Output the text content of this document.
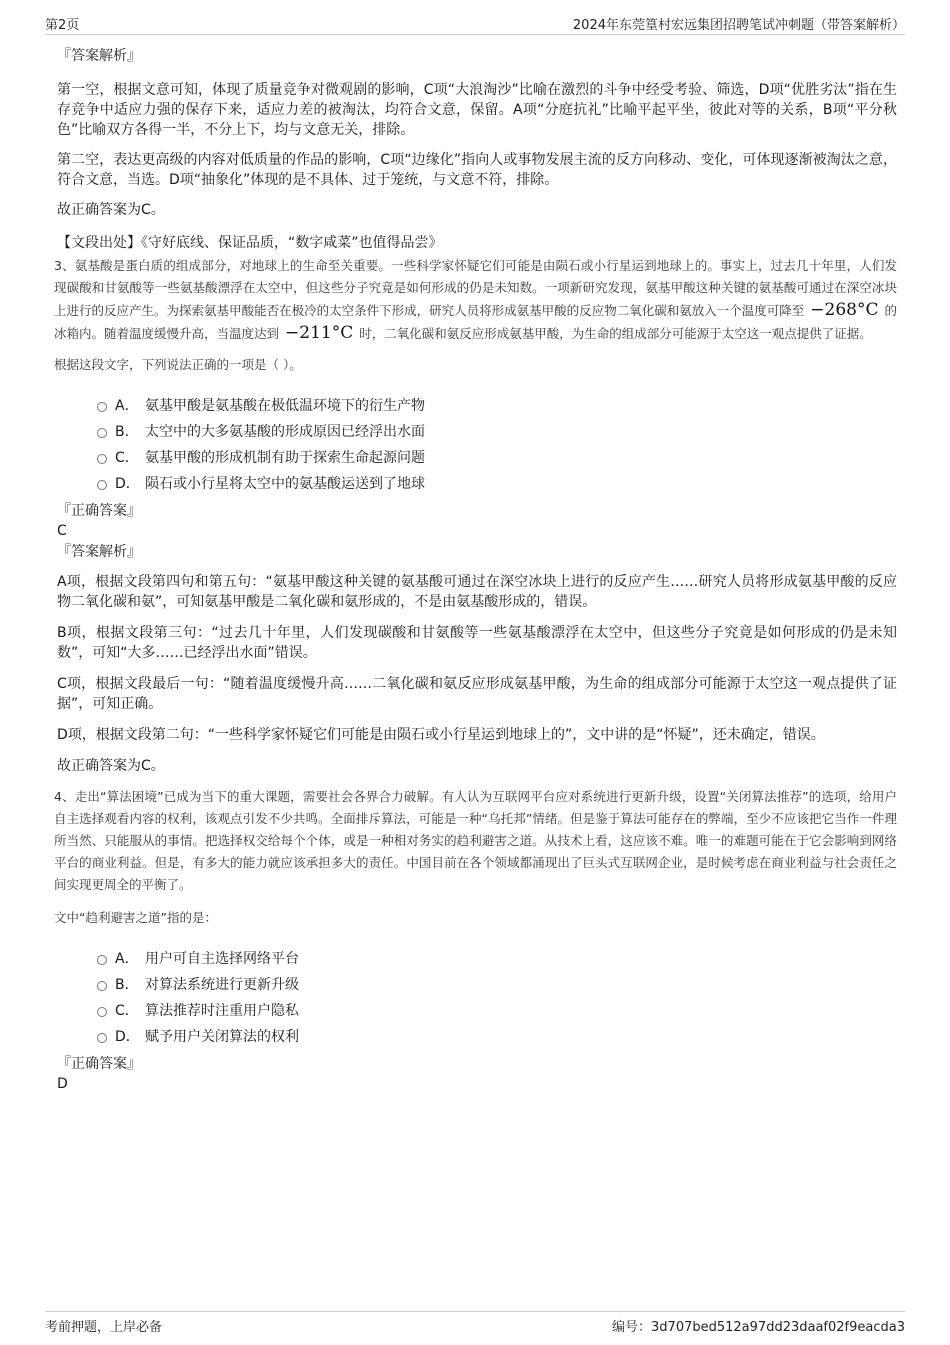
第2页	2024年东莞篁村宏远集团招聘笔试冲刺题（带答案解析）

『答案解析』

第一空，根据文意可知，体现了质量竞争对微观剧的影响，C项“大浪淘沙”比喻在激烈的斗争中经受考验、筛选，D项“优胜劣汰”指在生存竞争中适应力强的保存下来，适应力差的被淘汰，均符合文意，保留。A项“分庭抗礼”比喻平起平坐，彼此对等的关系，B项“平分秋色”比喻双方各得一半，不分上下，均与文意无关，排除。

第二空，表达更高级的内容对低质量的作品的影响，C项“边缘化”指向人或事物发展主流的反方向移动、变化，可体现逐渐被淘汰之意，符合文意，当选。D项“抽象化”体现的是不具体、过于笼统，与文意不符，排除。

故正确答案为C。

【文段出处】《守好底线、保证品质，“数字咸菜”也值得品尝》

3、氨基酸是蛋白质的组成部分，对地球上的生命至关重要。一些科学家怀疑它们可能是由陨石或小行星运到地球上的。事实上，过去几十年里，人们发现碳酸和甘氨酸等一些氨基酸漂浮在太空中，但这些分子究竟是如何形成的仍是未知数。一项新研究发现，氨基甲酸这种关键的氨基酸可通过在深空冰块上进行的反应产生。为探索氨基甲酸能否在极冷的太空条件下形成，研究人员将形成氨基甲酸的反应物二氧化碳和氨放入一个温度可降至 −268°C 的冰箱内。随着温度缓慢升高，当温度达到 −211°C 时，二氧化碳和氨反应形成氨基甲酸，为生命的组成部分可能源于太空这一观点提供了证据。

根据这段文字，下列说法正确的一项是（ ）。

A． 氨基甲酸是氨基酸在极低温环境下的衍生产物
B． 太空中的大多氨基酸的形成原因已经浮出水面
C． 氨基甲酸的形成机制有助于探索生命起源问题
D． 陨石或小行星将太空中的氨基酸运送到了地球

『正确答案』

C

『答案解析』

A项，根据文段第四句和第五句：“氨基甲酸这种关键的氨基酸可通过在深空冰块上进行的反应产生……研究人员将形成氨基甲酸的反应物二氧化碳和氨”，可知氨基甲酸是二氧化碳和氨形成的，不是由氨基酸形成的，错误。

B项，根据文段第三句：“过去几十年里，人们发现碳酸和甘氨酸等一些氨基酸漂浮在太空中，但这些分子究竟是如何形成的仍是未知数”，可知“大多……已经浮出水面”错误。

C项，根据文段最后一句：“随着温度缓慢升高……二氧化碳和氨反应形成氨基甲酸，为生命的组成部分可能源于太空这一观点提供了证据”，可知正确。

D项，根据文段第二句：“一些科学家怀疑它们可能是由陨石或小行星运到地球上的”，文中讲的是“怀疑”，还未确定，错误。

故正确答案为C。

4、走出“算法困境”已成为当下的重大课题，需要社会各界合力破解。有人认为互联网平台应对系统进行更新升级，设置“关闭算法推荐”的选项，给用户自主选择观看内容的权利，该观点引发不少共鸣。全面排斥算法，可能是一种“乌托邦”情绪。但是鉴于算法可能存在的弊端，至少不应该把它当作一件理所当然、只能服从的事情。把选择权交给每个个体，或是一种相对务实的趋利避害之道。从技术上看，这应该不难。唯一的难题可能在于它会影响到网络平台的商业利益。但是，有多大的能力就应该承担多大的责任。中国目前在各个领域都涌现出了巨头式互联网企业，是时候考虑在商业利益与社会责任之间实现更周全的平衡了。

文中“趋利避害之道”指的是：

A． 用户可自主选择网络平台
B． 对算法系统进行更新升级
C． 算法推荐时注重用户隐私
D． 赋予用户关闭算法的权利

『正确答案』

D

考前押题，上岸必备	编号：3d707bed512a97dd23daaf02f9eacda3
